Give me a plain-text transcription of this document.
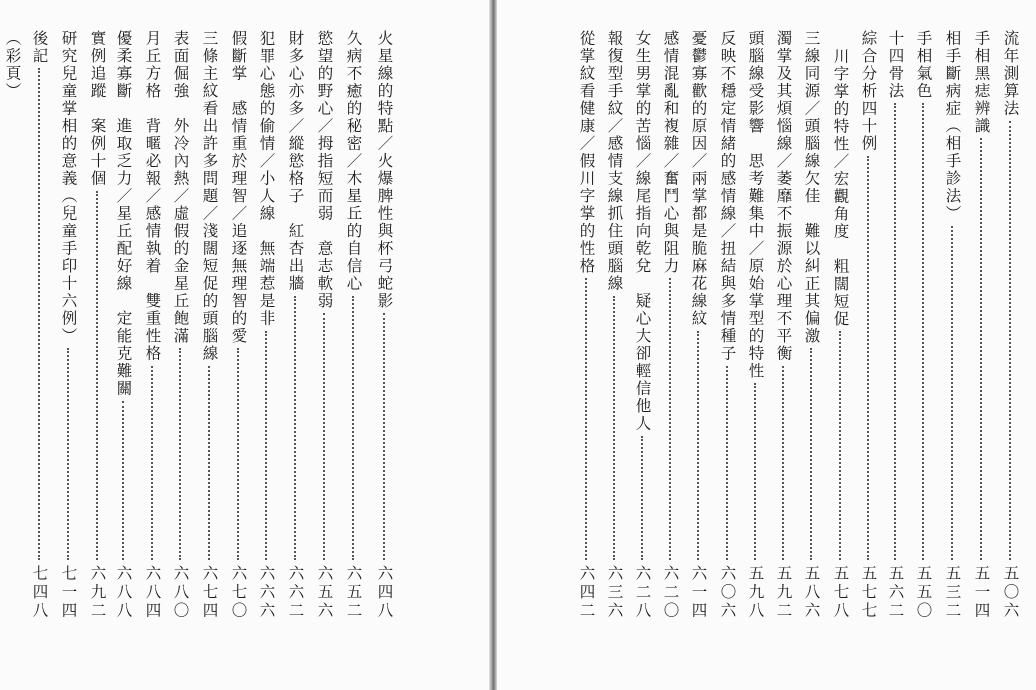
火星線的特點／火爆脾性與杯弓蛇影
六四八
久病不癒的秘密／木星丘的自信心
六五二
慾望的野心／拇指短而弱　意志軟弱
六五六
財多心亦多／縱慾格子　紅杏出牆
六六二
犯罪心態的偷情／小人線　無端惹是非
六六六
假斷掌　感情重於理智／追逐無理智的愛
六七〇
三條主紋看出許多問題／淺闊短促的頭腦線
六七四
表面倔強　外冷內熱／虛假的金星丘飽滿
六八〇
月丘方格　背暱必報／感情執着　雙重性格
六八四
優柔寡斷　進取乏力／星丘配好線　定能克難關
六八八
實例追蹤　案例十個
六九二
研究兒童掌相的意義（兒童手印十六例）
七一四
後記
七四八
（彩頁）	流年測算法
五〇六
手相黑痣辨識
五一四
相手斷病症（相手診法）
五三二
手相氣色
五五〇
十四骨法
五六二
綜合分析四十例
五七七
川字掌的特性／宏觀角度　粗闊短促
五七八
三線同源／頭腦線欠佳　難以糾正其偏激
五八六
濁掌及其煩惱線／萎靡不振源於心理不平衡
五九二
頭腦線受影響　思考難集中／原始掌型的特性
五九八
反映不穩定情緒的感情線／扭結與多情種子
六〇六
憂鬱寡歡的原因／兩掌都是脆麻花線紋
六一四
感情混亂和複雜／奮鬥心與阻力
六二〇
女生男掌的苦惱／線尾指向乾兌　疑心大卻輕信他人
六二八
報復型手紋／感情支線抓住頭腦線
六三六
從掌紋看健康／假川字掌的性格
六四二
